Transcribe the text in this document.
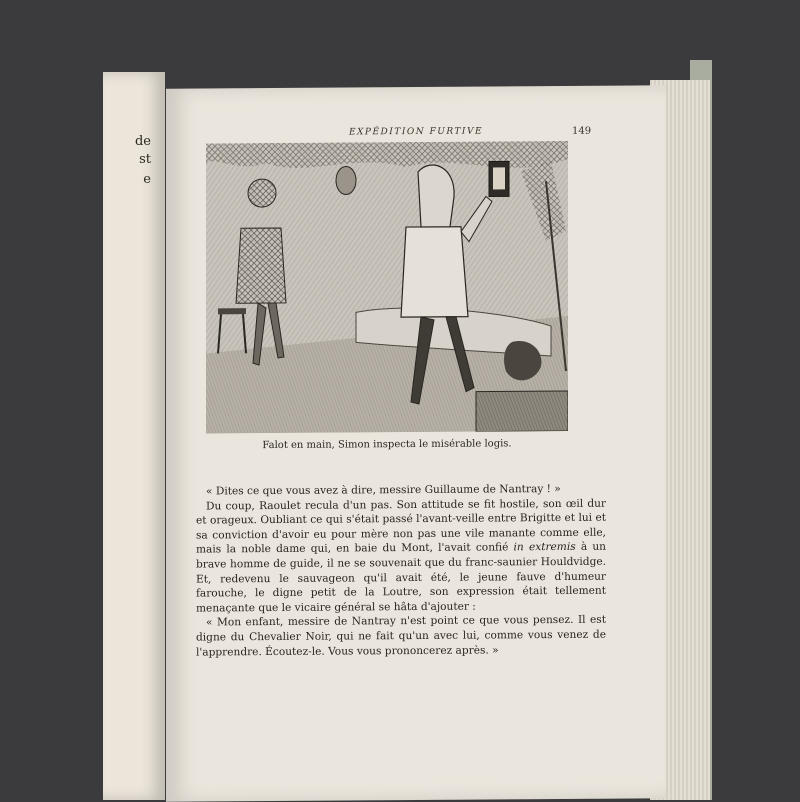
de
st
e
EXPÉDITION FURTIVE	149
Falot en main, Simon inspecta le misérable logis.

« Dites ce que vous avez à dire, messire Guillaume de Nantray ! »

Du coup, Raoulet recula d'un pas. Son attitude se fit hostile, son œil dur et orageux. Oubliant ce qui s'était passé l'avant-veille entre Brigitte et lui et sa conviction d'avoir eu pour mère non pas une vile manante comme elle, mais la noble dame qui, en baie du Mont, l'avait confié in extremis à un brave homme de guide, il ne se souvenait que du franc-saunier Houldvidge. Et, redevenu le sauvageon qu'il avait été, le jeune fauve d'humeur farouche, le digne petit de la Loutre, son expression était tellement menaçante que le vicaire général se hâta d'ajouter :

« Mon enfant, messire de Nantray n'est point ce que vous pensez. Il est digne du Chevalier Noir, qui ne fait qu'un avec lui, comme vous venez de l'apprendre. Écoutez-le. Vous vous prononcerez après. »
